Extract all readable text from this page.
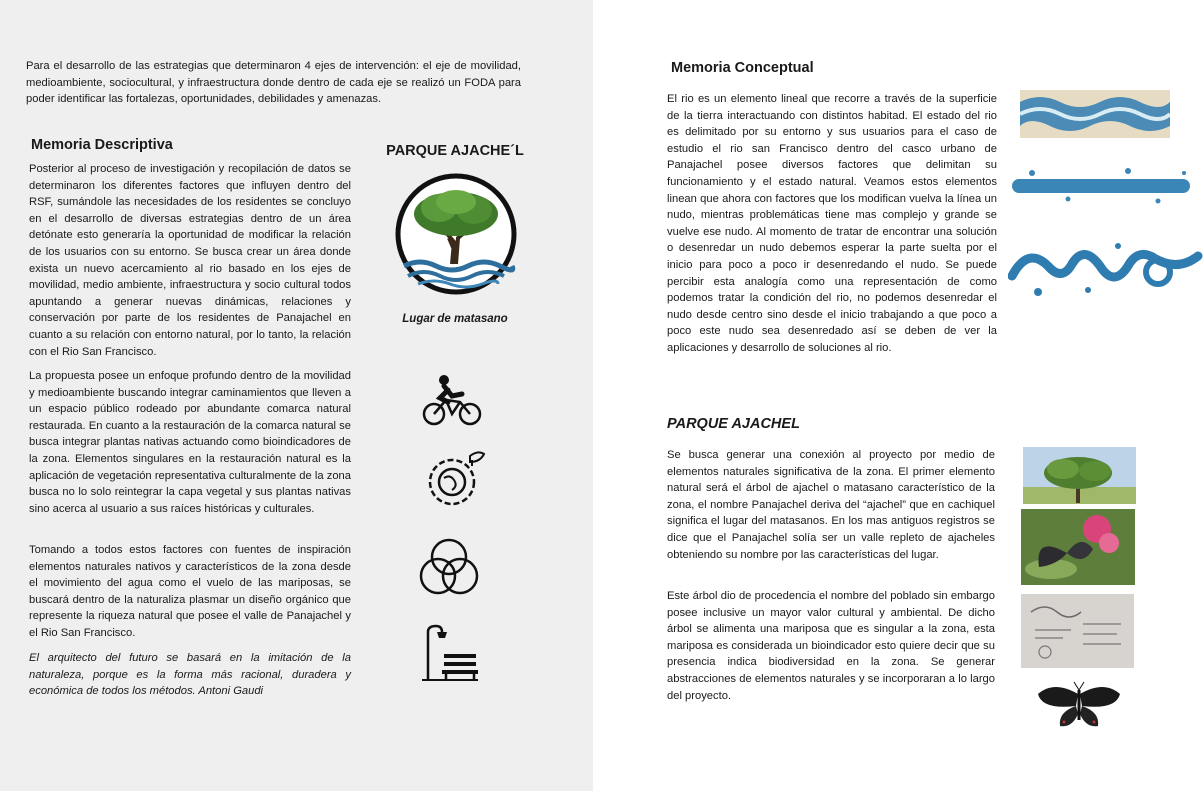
Para el desarrollo de las estrategias que determinaron 4 ejes de intervención: el eje de movilidad, medioambiente, sociocultural, y infraestructura donde dentro de cada eje se realizó un FODA para poder identificar las fortalezas, oportunidades, debilidades y amenazas.

Memoria Descriptiva

Posterior al proceso de investigación y recopilación de datos se determinaron los diferentes factores que influyen dentro del RSF, sumándole las necesidades de los residentes se concluyo en el desarrollo de diversas estrategias dentro de un área detónate esto generaría la oportunidad de modificar la relación de los usuarios con su entorno. Se busca crear un área donde exista un nuevo acercamiento al rio basado en los ejes de movilidad, medio ambiente, infraestructura y socio cultural todos apuntando a generar nuevas dinámicas, relaciones y conservación por parte de los residentes de Panajachel en cuanto a su relación con entorno natural, por lo tanto, la relación con el Rio San Francisco.

La propuesta posee un enfoque profundo dentro de la movilidad y medioambiente buscando integrar caminamientos que lleven a un espacio público rodeado por abundante comarca natural restaurada. En cuanto a la restauración de la comarca natural se busca integrar plantas nativas actuando como bioindicadores de la zona. Elementos singulares en la restauración natural es la aplicación de vegetación representativa culturalmente de la zona busca no lo solo reintegrar la capa vegetal y sus plantas nativas sino acerca al usuario a sus raíces históricas y culturales.

Tomando a todos estos factores con fuentes de inspiración elementos naturales nativos y característicos de la zona desde el movimiento del agua como el vuelo de las mariposas, se buscará dentro de la naturaliza plasmar un diseño orgánico que represente la riqueza natural que posee el valle de Panajachel y el Rio San Francisco.

El arquitecto del futuro se basará en la imitación de la naturaleza, porque es la forma más racional, duradera y económica de todos los métodos. Antoni Gaudi

PARQUE AJACHE´L
Lugar de matasano
Memoria Conceptual

El rio es un elemento lineal que recorre a través de la superficie de la tierra interactuando con distintos habitad. El estado del rio es delimitado por su entorno y sus usuarios para el caso de estudio el rio san Francisco dentro del casco urbano de Panajachel posee diversos factores que delimitan su funcionamiento y el estado natural. Veamos estos elementos linean que ahora con factores que los modifican vuelva la línea un nudo, mientras problemáticas tiene mas complejo y grande se vuelve ese nudo. Al momento de tratar de encontrar una solución o desenredar un nudo debemos esperar la parte suelta por el inicio para poco a poco ir desenredando el nudo. Se puede percibir esta analogía como una representación de como podemos tratar la condición del rio, no podemos desenredar el nudo desde centro sino desde el inicio trabajando a que poco a poco este nudo sea desenredado así se deben de ver la aplicaciones y desarrollo de soluciones al rio.

PARQUE AJACHEL

Se busca generar una conexión al proyecto por medio de elementos naturales significativa de la zona. El primer elemento natural será el árbol de ajachel o matasano característico de la zona, el nombre Panajachel deriva del “ajachel” que en cachiquel significa el lugar del matasanos. En los mas antiguos registros se dice que el Panajachel solía ser un valle repleto de ajacheles obteniendo su nombre por las características del lugar.

Este árbol dio de procedencia el nombre del poblado sin embargo posee inclusive un mayor valor cultural y ambiental. De dicho árbol se alimenta una mariposa que es singular a la zona, esta mariposa es considerada un bioindicador esto quiere decir que su presencia indica biodiversidad en la zona. Se generar abstracciones de elementos naturales y se incorporaran a lo largo del proyecto.
